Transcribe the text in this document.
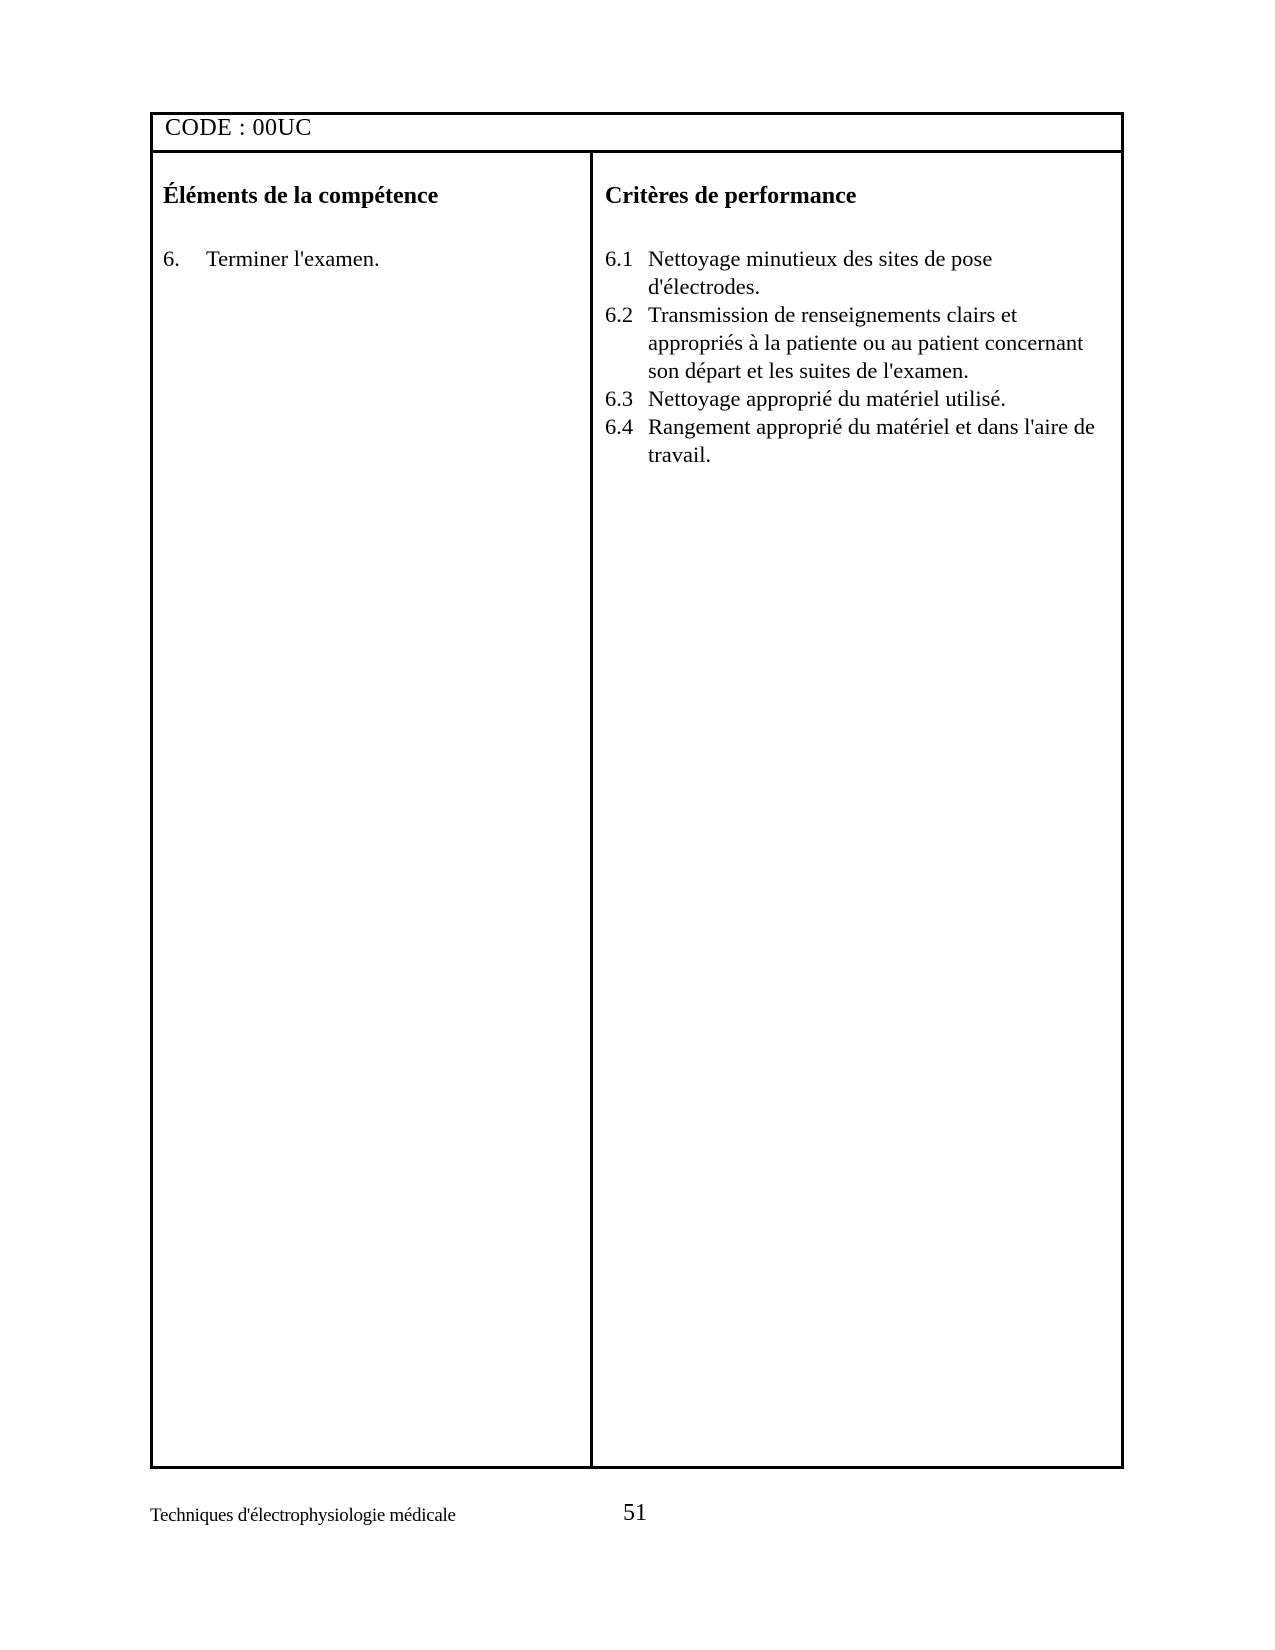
CODE : 00UC
Éléments de la compétence
6. Terminer l'examen.
Critères de performance
6.1 Nettoyage minutieux des sites de pose d'électrodes.
6.2 Transmission de renseignements clairs et appropriés à la patiente ou au patient concernant son départ et les suites de l'examen.
6.3 Nettoyage approprié du matériel utilisé.
6.4 Rangement approprié du matériel et dans l'aire de travail.
Techniques d'électrophysiologie médicale	51
